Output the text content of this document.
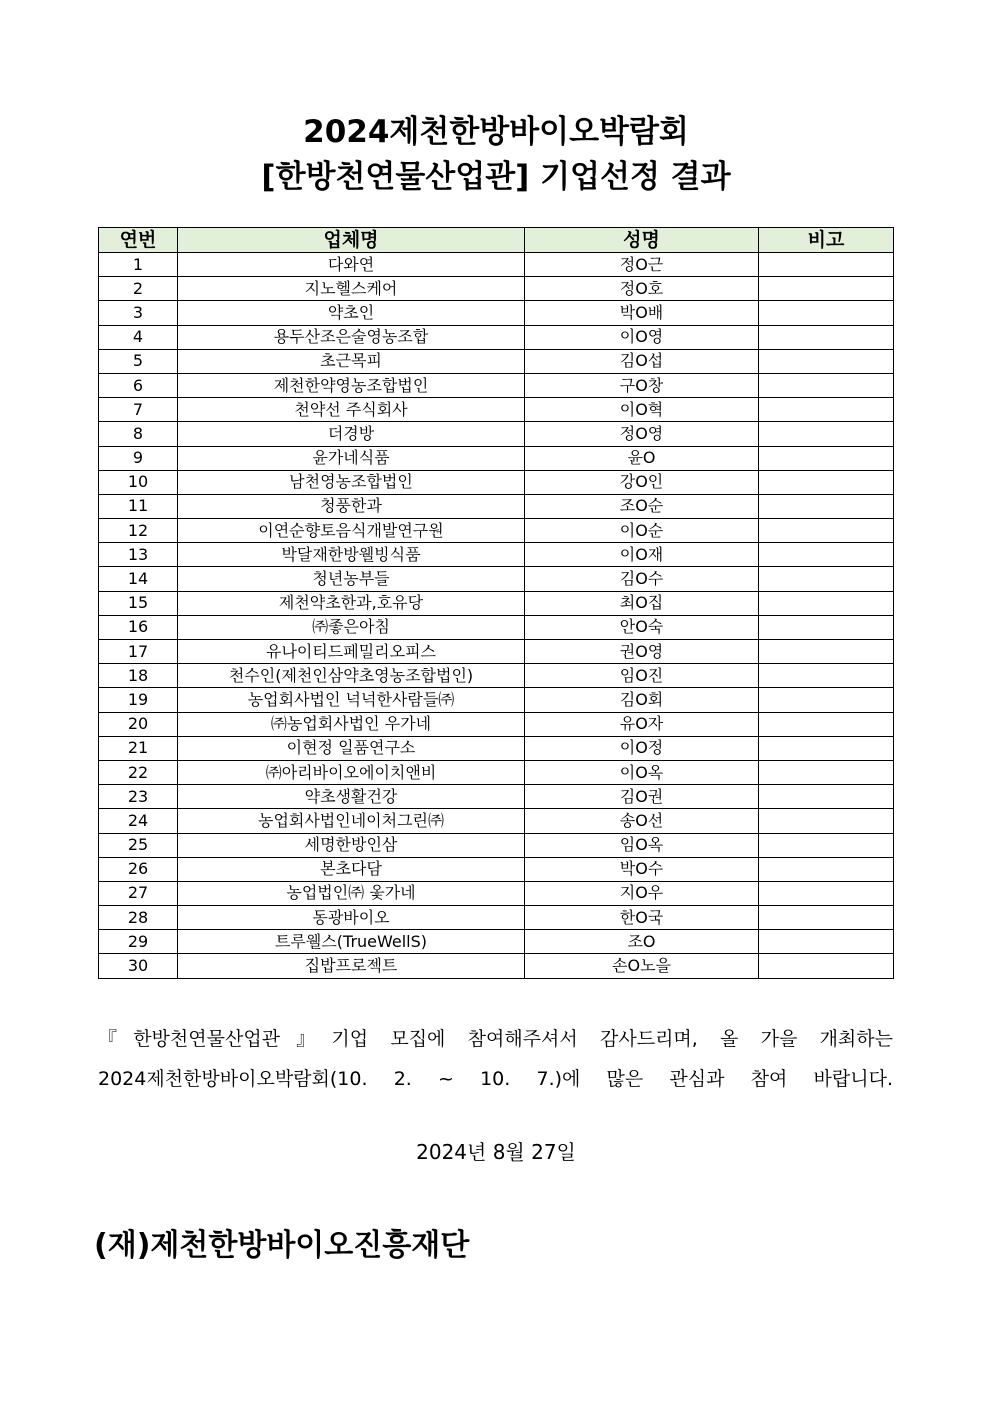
2024제천한방바이오박람회
[한방천연물산업관] 기업선정 결과
연번	업체명	성명	비고
1	다와연	정O근	
2	지노헬스케어	정O호	
3	약초인	박O배	
4	용두산조은술영농조합	이O영	
5	초근목피	김O섭	
6	제천한약영농조합법인	구O창	
7	천약선 주식회사	이O혁	
8	더경방	정O영	
9	윤가네식품	윤O	
10	남천영농조합법인	강O인	
11	청풍한과	조O순	
12	이연순향토음식개발연구원	이O순	
13	박달재한방웰빙식품	이O재	
14	청년농부들	김O수	
15	제천약초한과,호유당	최O집	
16	㈜좋은아침	안O숙	
17	유나이티드페밀리오피스	권O영	
18	천수인(제천인삼약초영농조합법인)	임O진	
19	농업회사법인 넉넉한사람들㈜	김O회	
20	㈜농업회사법인 우가네	유O자	
21	이현정 일품연구소	이O정	
22	㈜아리바이오에이치앤비	이O옥	
23	약초생활건강	김O권	
24	농업회사법인네이처그린㈜	송O선	
25	세명한방인삼	임O옥	
26	본초다담	박O수	
27	농업법인㈜ 옻가네	지O우	
28	동광바이오	한O국	
29	트루웰스(TrueWellS)	조O	
30	집밥프로젝트	손O노을	
『한방천연물산업관』기업 모집에 참여해주셔서 감사드리며, 올 가을 개최하는
2024제천한방바이오박람회(10. 2. ~ 10. 7.)에 많은 관심과 참여 바랍니다.
2024년 8월 27일
(재)제천한방바이오진흥재단
